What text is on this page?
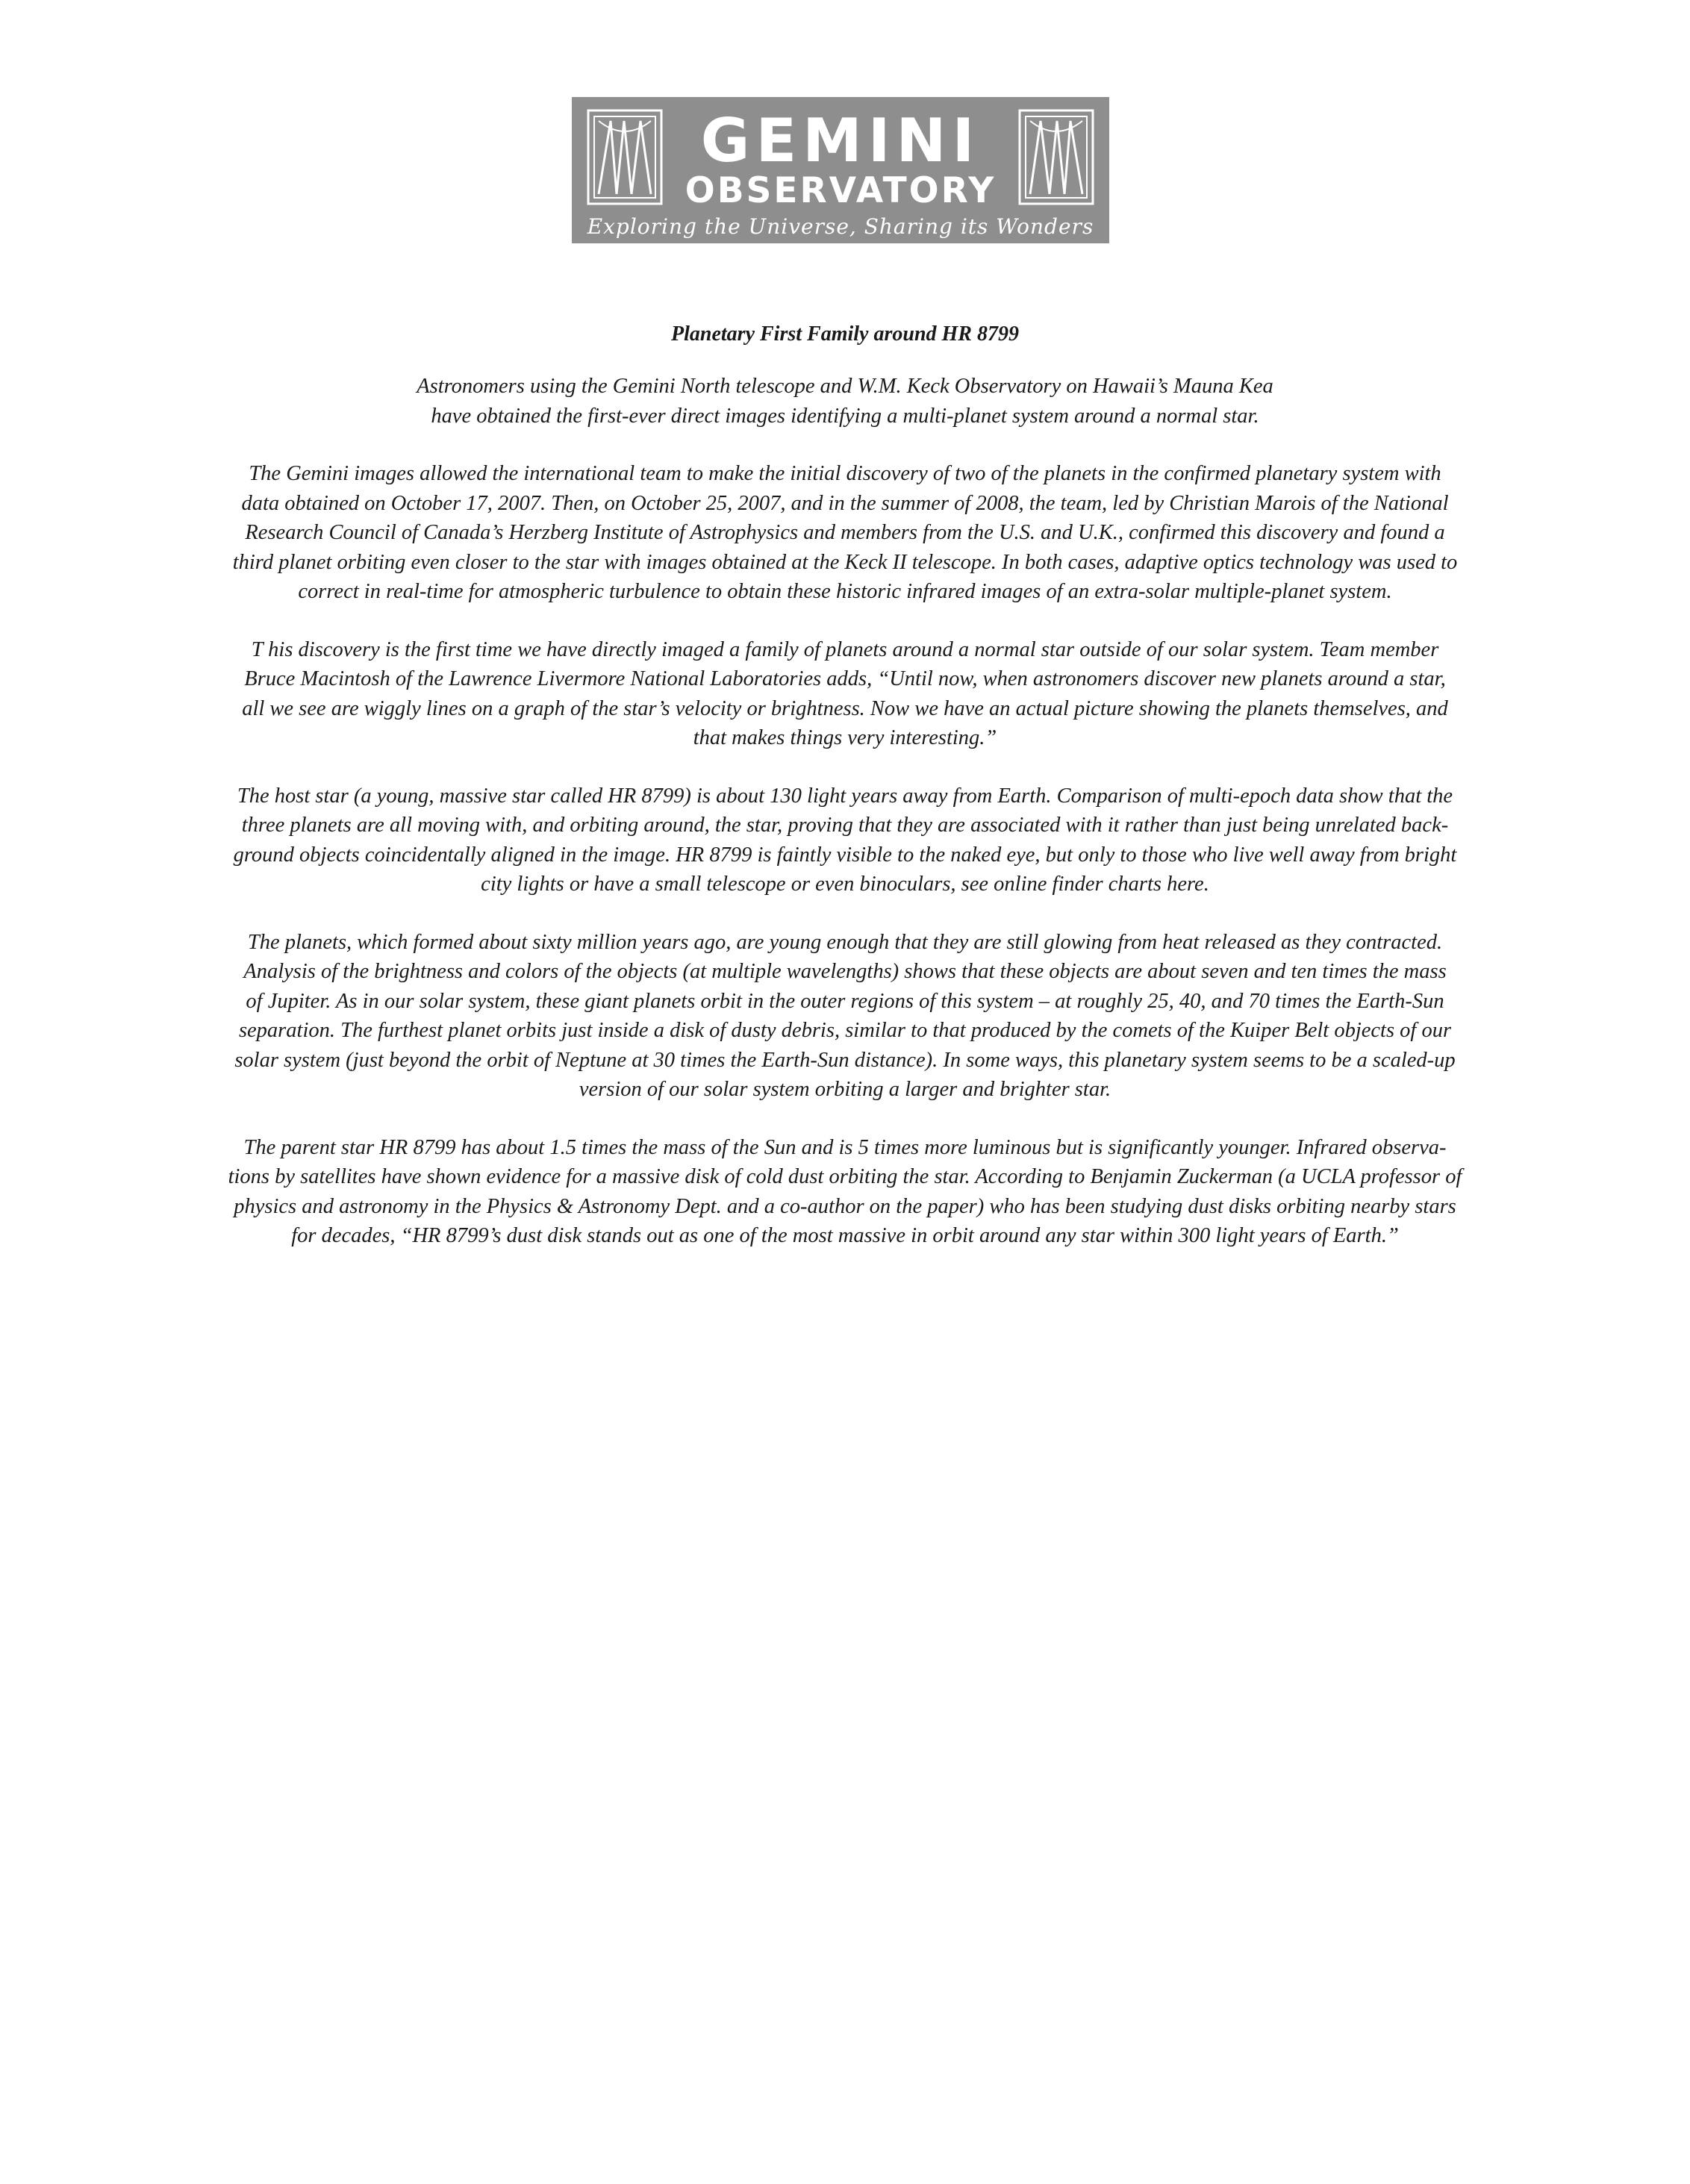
GEMINI
OBSERVATORY
Exploring the Universe, Sharing its Wonders
Planetary First Family around HR 8799
Astronomers using the Gemini North telescope and W.M. Keck Observatory on Hawaii’s Mauna Kea
have obtained the first-ever direct images identifying a multi-planet system around a normal star.
The Gemini images allowed the international team to make the initial discovery of two of the planets in the confirmed planetary system with
data obtained on October 17, 2007. Then, on October 25, 2007, and in the summer of 2008, the team, led by Christian Marois of the National
Research Council of Canada’s Herzberg Institute of Astrophysics and members from the U.S. and U.K., confirmed this discovery and found a
third planet orbiting even closer to the star with images obtained at the Keck II telescope. In both cases, adaptive optics technology was used to
correct in real-time for atmospheric turbulence to obtain these historic infrared images of an extra-solar multiple-planet system.
T his discovery is the first time we have directly imaged a family of planets around a normal star outside of our solar system. Team member
Bruce Macintosh of the Lawrence Livermore National Laboratories adds, “Until now, when astronomers discover new planets around a star,
all we see are wiggly lines on a graph of the star’s velocity or brightness. Now we have an actual picture showing the planets themselves, and
that makes things very interesting.”
The host star (a young, massive star called HR 8799) is about 130 light years away from Earth. Comparison of multi-epoch data show that the
three planets are all moving with, and orbiting around, the star, proving that they are associated with it rather than just being unrelated back-
ground objects coincidentally aligned in the image. HR 8799 is faintly visible to the naked eye, but only to those who live well away from bright
city lights or have a small telescope or even binoculars, see online finder charts here.
The planets, which formed about sixty million years ago, are young enough that they are still glowing from heat released as they contracted.
Analysis of the brightness and colors of the objects (at multiple wavelengths) shows that these objects are about seven and ten times the mass
of Jupiter. As in our solar system, these giant planets orbit in the outer regions of this system – at roughly 25, 40, and 70 times the Earth-Sun
separation. The furthest planet orbits just inside a disk of dusty debris, similar to that produced by the comets of the Kuiper Belt objects of our
solar system (just beyond the orbit of Neptune at 30 times the Earth-Sun distance). In some ways, this planetary system seems to be a scaled-up
version of our solar system orbiting a larger and brighter star.
The parent star HR 8799 has about 1.5 times the mass of the Sun and is 5 times more luminous but is significantly younger. Infrared observa-
tions by satellites have shown evidence for a massive disk of cold dust orbiting the star. According to Benjamin Zuckerman (a UCLA professor of
physics and astronomy in the Physics & Astronomy Dept. and a co-author on the paper) who has been studying dust disks orbiting nearby stars
for decades, “HR 8799’s dust disk stands out as one of the most massive in orbit around any star within 300 light years of Earth.”
